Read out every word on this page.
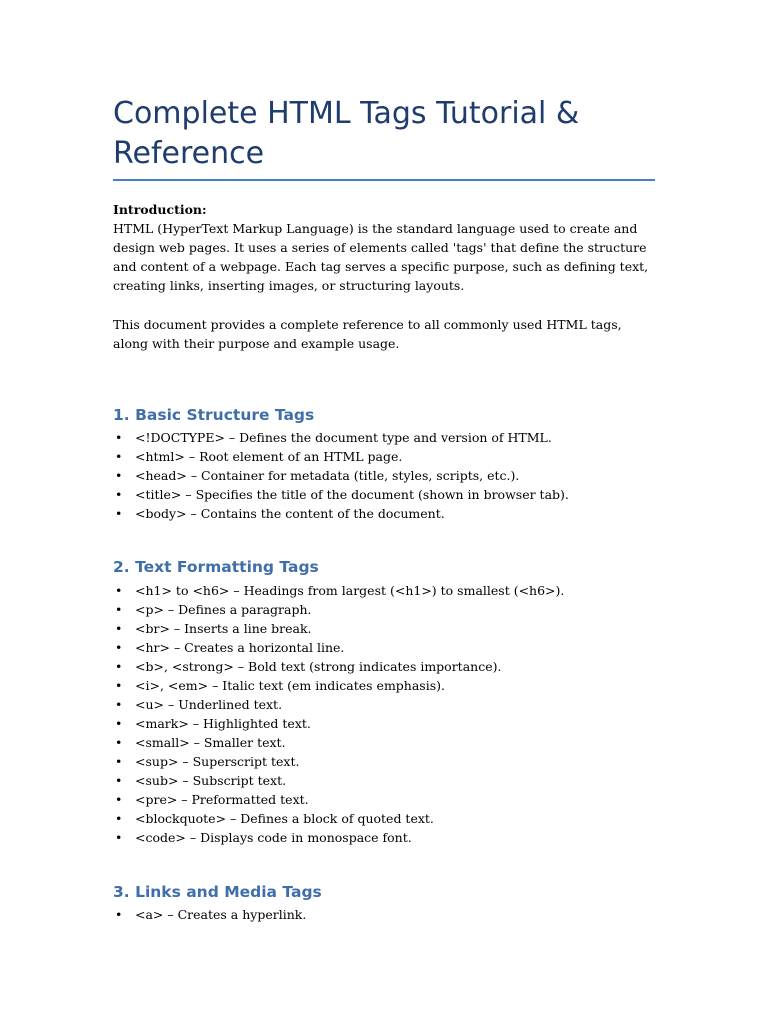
Complete HTML Tags Tutorial & Reference
Introduction:

HTML (HyperText Markup Language) is the standard language used to create and design web pages. It uses a series of elements called 'tags' that define the structure and content of a webpage. Each tag serves a specific purpose, such as defining text, creating links, inserting images, or structuring layouts.

This document provides a complete reference to all commonly used HTML tags, along with their purpose and example usage.

1. Basic Structure Tags
• <!DOCTYPE> – Defines the document type and version of HTML.
• <html> – Root element of an HTML page.
• <head> – Container for metadata (title, styles, scripts, etc.).
• <title> – Specifies the title of the document (shown in browser tab).
• <body> – Contains the content of the document.
2. Text Formatting Tags
• <h1> to <h6> – Headings from largest (<h1>) to smallest (<h6>).
• <p> – Defines a paragraph.
• <br> – Inserts a line break.
• <hr> – Creates a horizontal line.
• <b>, <strong> – Bold text (strong indicates importance).
• <i>, <em> – Italic text (em indicates emphasis).
• <u> – Underlined text.
• <mark> – Highlighted text.
• <small> – Smaller text.
• <sup> – Superscript text.
• <sub> – Subscript text.
• <pre> – Preformatted text.
• <blockquote> – Defines a block of quoted text.
• <code> – Displays code in monospace font.
3. Links and Media Tags
• <a> – Creates a hyperlink.
